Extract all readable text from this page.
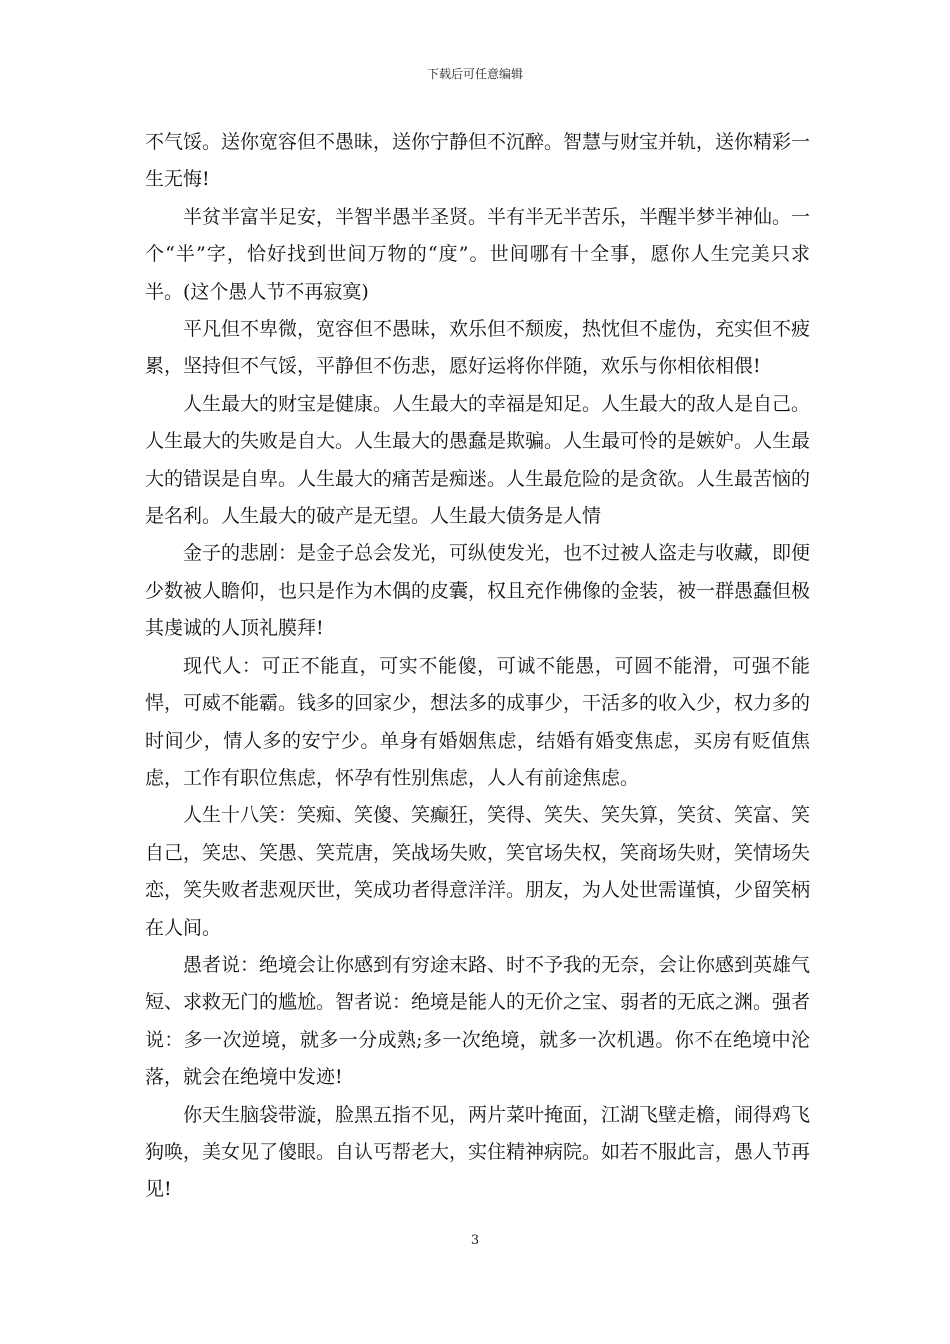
下载后可任意编辑

不气馁。送你宽容但不愚昧，送你宁静但不沉醉。智慧与财宝并轨，送你精彩一生无悔!

半贫半富半足安，半智半愚半圣贤。半有半无半苦乐，半醒半梦半神仙。一个“半”字，恰好找到世间万物的“度”。世间哪有十全事，愿你人生完美只求半。(这个愚人节不再寂寞)

平凡但不卑微，宽容但不愚昧，欢乐但不颓废，热忱但不虚伪，充实但不疲累，坚持但不气馁，平静但不伤悲，愿好运将你伴随，欢乐与你相依相偎!

人生最大的财宝是健康。人生最大的幸福是知足。人生最大的敌人是自己。人生最大的失败是自大。人生最大的愚蠢是欺骗。人生最可怜的是嫉妒。人生最大的错误是自卑。人生最大的痛苦是痴迷。人生最危险的是贪欲。人生最苦恼的是名利。人生最大的破产是无望。人生最大债务是人情

金子的悲剧：是金子总会发光，可纵使发光，也不过被人盗走与收藏，即便少数被人瞻仰，也只是作为木偶的皮囊，权且充作佛像的金装，被一群愚蠢但极其虔诚的人顶礼膜拜!

现代人：可正不能直，可实不能傻，可诚不能愚，可圆不能滑，可强不能悍，可威不能霸。钱多的回家少，想法多的成事少，干活多的收入少，权力多的时间少，情人多的安宁少。单身有婚姻焦虑，结婚有婚变焦虑，买房有贬值焦虑，工作有职位焦虑，怀孕有性别焦虑，人人有前途焦虑。

人生十八笑：笑痴、笑傻、笑癫狂，笑得、笑失、笑失算，笑贫、笑富、笑自己，笑忠、笑愚、笑荒唐，笑战场失败，笑官场失权，笑商场失财，笑情场失恋，笑失败者悲观厌世，笑成功者得意洋洋。朋友，为人处世需谨慎，少留笑柄在人间。

愚者说：绝境会让你感到有穷途末路、时不予我的无奈，会让你感到英雄气短、求救无门的尴尬。智者说：绝境是能人的无价之宝、弱者的无底之渊。强者说：多一次逆境，就多一分成熟;多一次绝境，就多一次机遇。你不在绝境中沦落，就会在绝境中发迹!

你天生脑袋带漩，脸黑五指不见，两片菜叶掩面，江湖飞壁走檐，闹得鸡飞狗唤，美女见了傻眼。自认丐帮老大，实住精神病院。如若不服此言，愚人节再见!

3
